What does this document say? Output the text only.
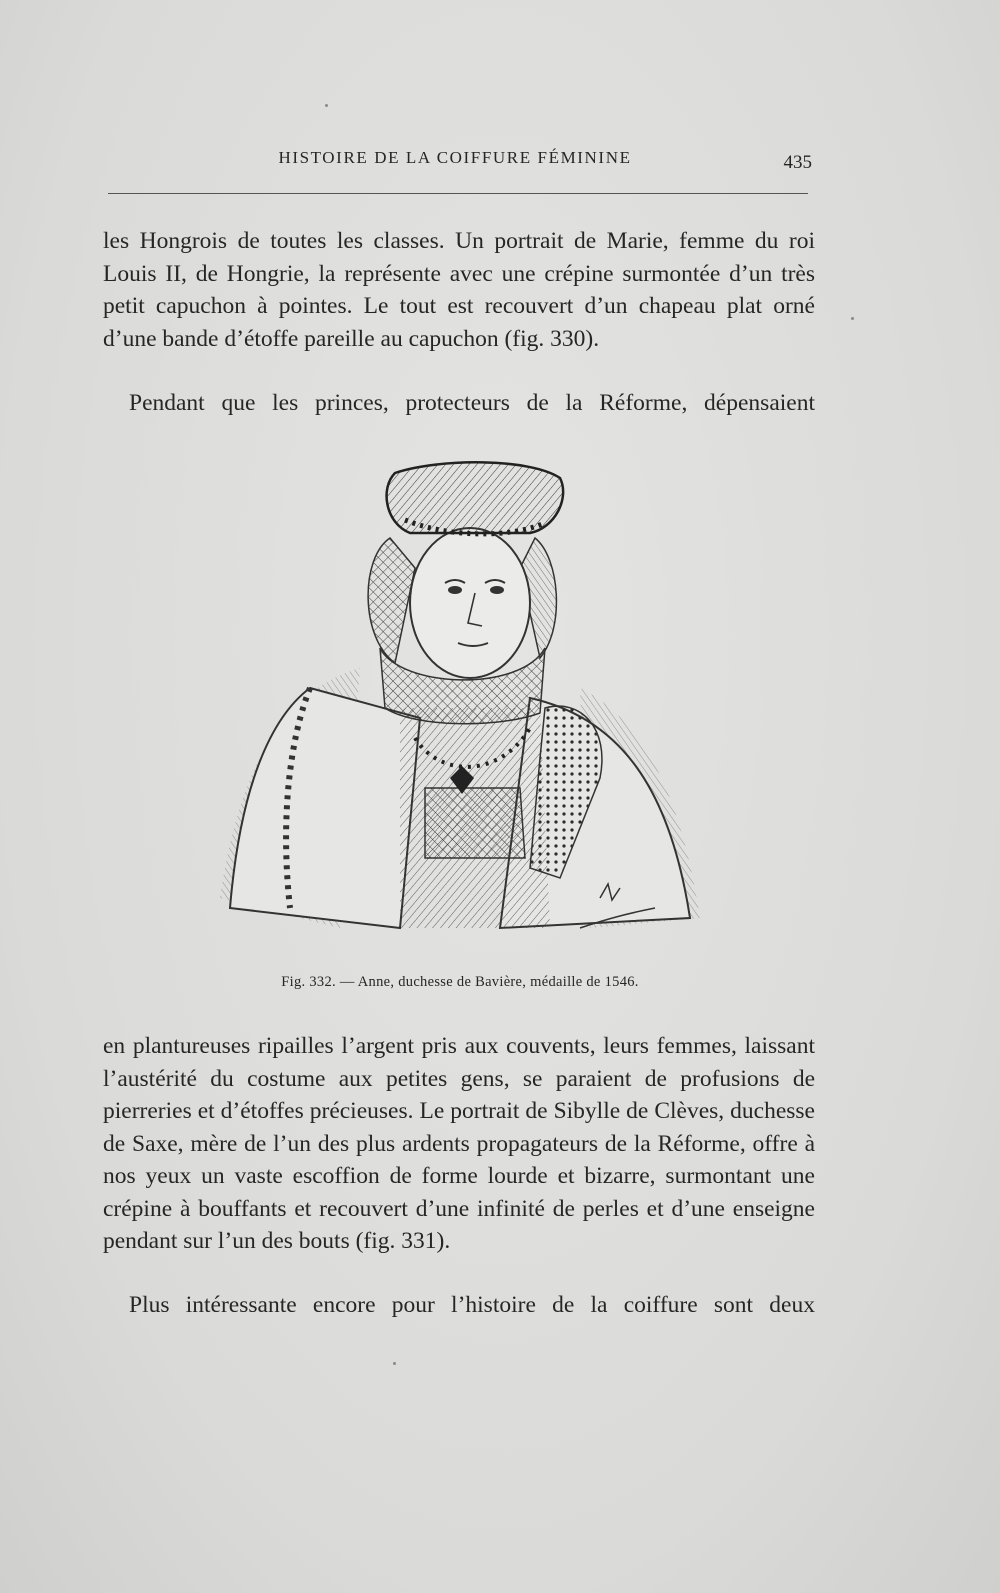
HISTOIRE DE LA COIFFURE FÉMININE	435

les Hongrois de toutes les classes. Un portrait de Marie, femme du roi Louis II, de Hongrie, la représente avec une crépine surmontée d’un très petit capuchon à pointes. Le tout est recouvert d’un chapeau plat orné d’une bande d’étoffe pareille au capuchon (fig. 330).

Pendant que les princes, protecteurs de la Réforme, dépensaient

Fig. 332. — Anne, duchesse de Bavière, médaille de 1546.

en plantureuses ripailles l’argent pris aux couvents, leurs femmes, laissant l’austérité du costume aux petites gens, se paraient de profusions de pierreries et d’étoffes précieuses. Le portrait de Sibylle de Clèves, duchesse de Saxe, mère de l’un des plus ardents propagateurs de la Réforme, offre à nos yeux un vaste escoffion de forme lourde et bizarre, surmontant une crépine à bouffants et recouvert d’une infinité de perles et d’une enseigne pendant sur l’un des bouts (fig. 331).

Plus intéressante encore pour l’histoire de la coiffure sont deux
